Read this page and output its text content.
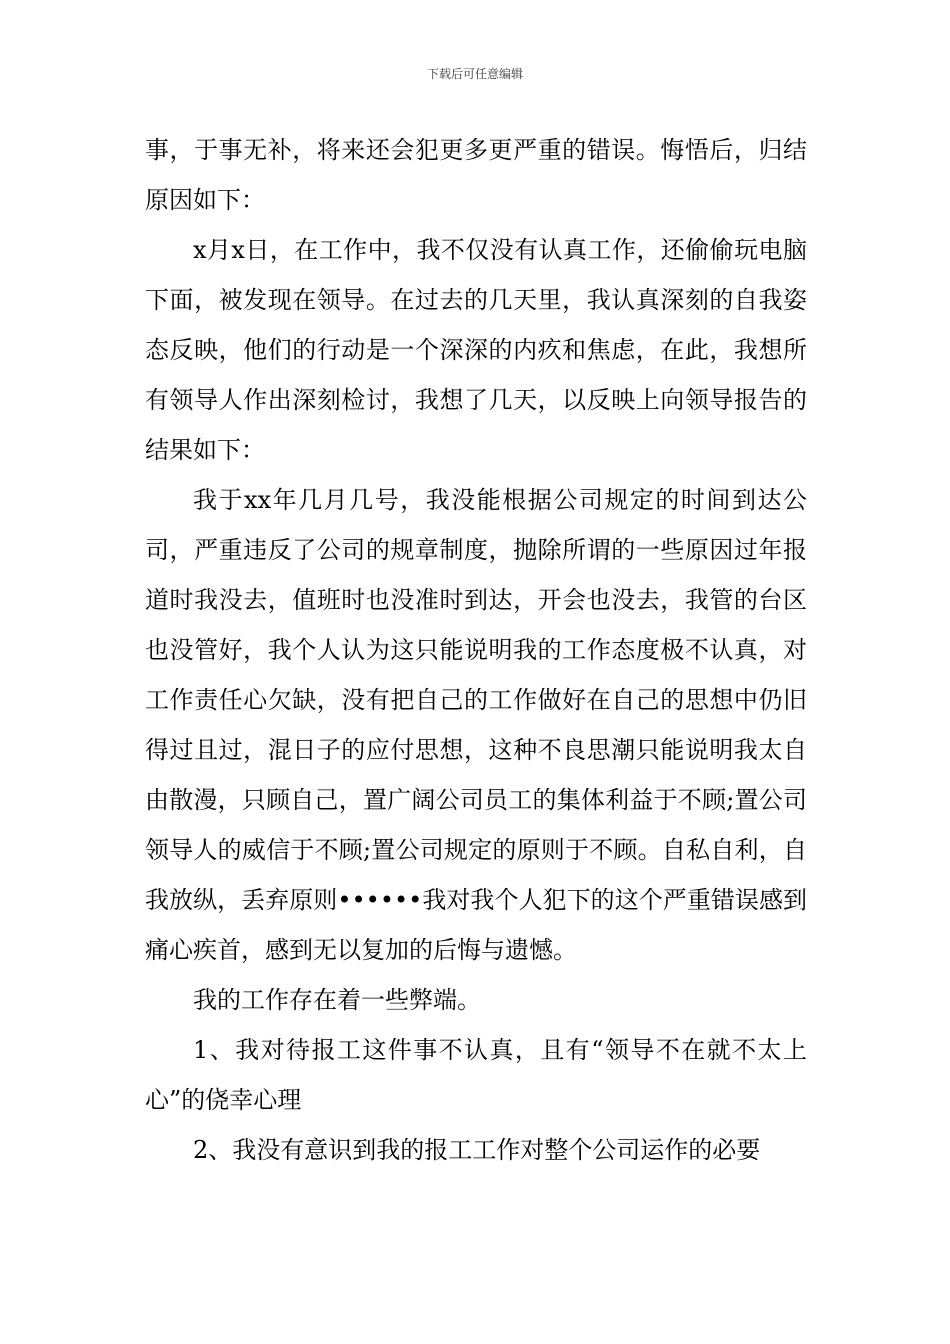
下载后可任意编辑

事，于事无补，将来还会犯更多更严重的错误。悔悟后，归结原因如下：

x月x日，在工作中，我不仅没有认真工作，还偷偷玩电脑下面，被发现在领导。在过去的几天里，我认真深刻的自我姿态反映，他们的行动是一个深深的内疚和焦虑，在此，我想所有领导人作出深刻检讨，我想了几天，以反映上向领导报告的结果如下：

我于xx年几月几号，我没能根据公司规定的时间到达公司，严重违反了公司的规章制度，抛除所谓的一些原因过年报道时我没去，值班时也没准时到达，开会也没去，我管的台区也没管好，我个人认为这只能说明我的工作态度极不认真，对工作责任心欠缺，没有把自己的工作做好在自己的思想中仍旧得过且过，混日子的应付思想，这种不良思潮只能说明我太自由散漫，只顾自己，置广阔公司员工的集体利益于不顾;置公司领导人的威信于不顾;置公司规定的原则于不顾。自私自利，自我放纵，丢弃原则••••••我对我个人犯下的这个严重错误感到痛心疾首，感到无以复加的后悔与遗憾。

我的工作存在着一些弊端。

1、我对待报工这件事不认真，且有“领导不在就不太上心”的侥幸心理

2、我没有意识到我的报工工作对整个公司运作的必要
